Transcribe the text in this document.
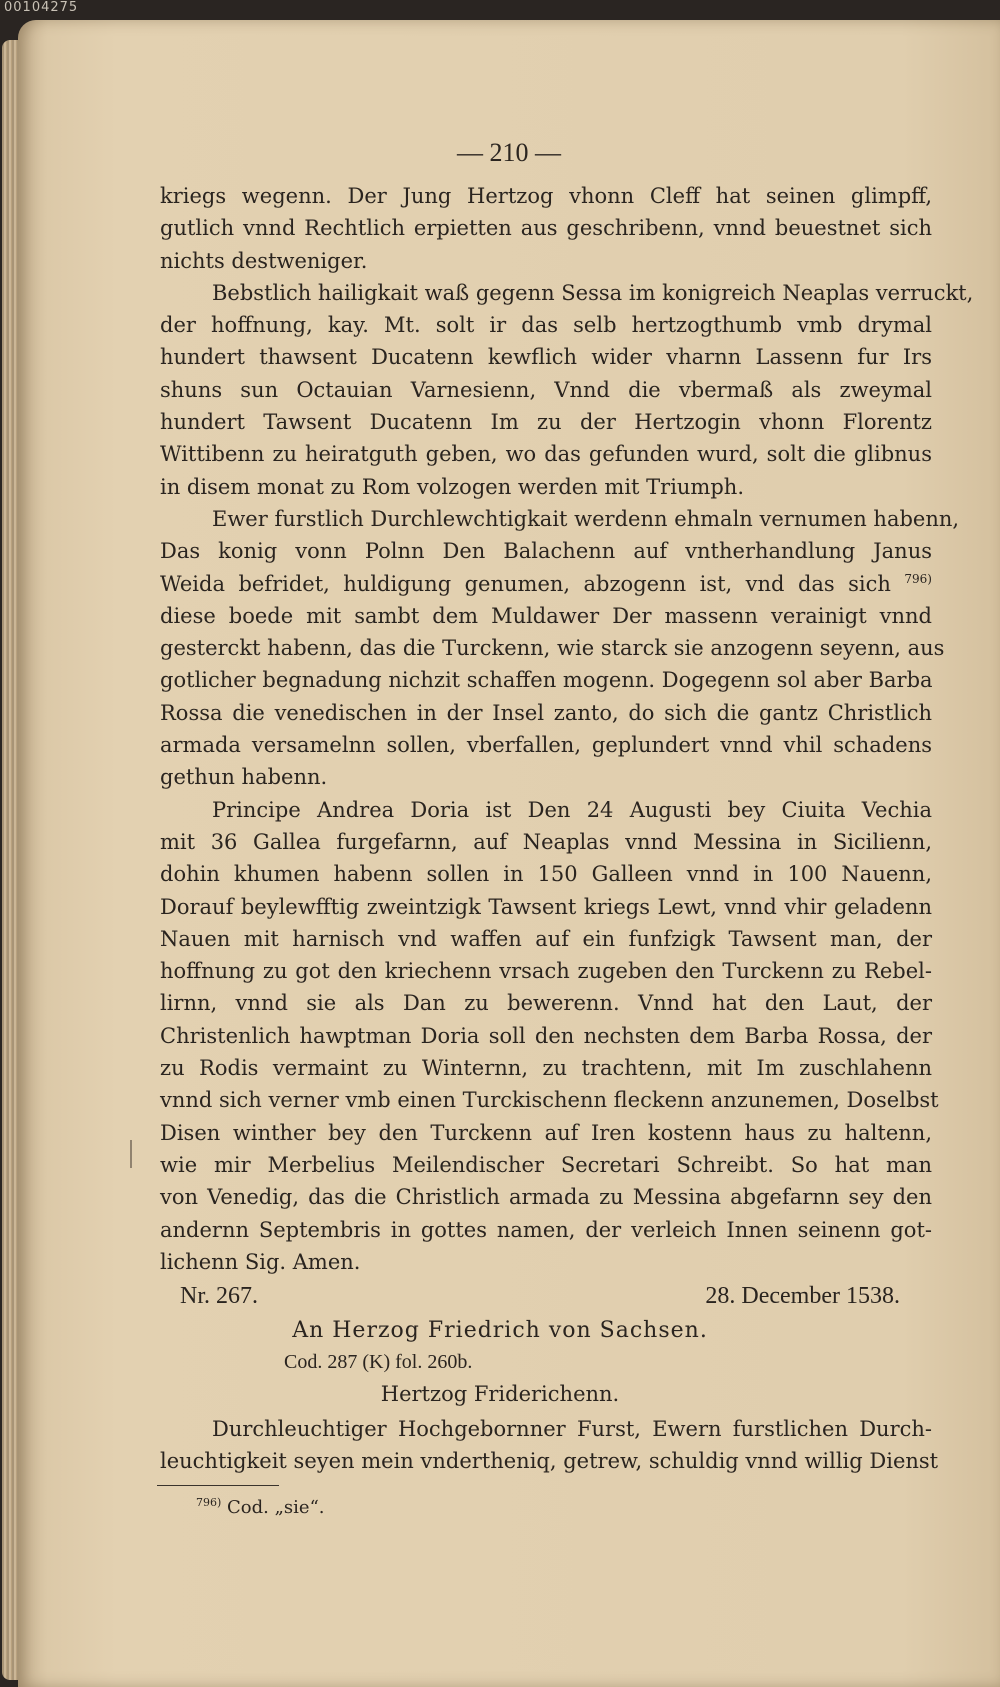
00104275
— 210 —
kriegs wegenn. Der Jung Hertzog vhonn Cleff hat seinen glimpff,
gutlich vnnd Rechtlich erpietten aus geschribenn, vnnd beuestnet sich
nichts destweniger.
Bebstlich hailigkait waß gegenn Sessa im konigreich Neaplas verruckt,
der hoffnung, kay. Mt. solt ir das selb hertzogthumb vmb drymal
hundert thawsent Ducatenn kewflich wider vharnn Lassenn fur Irs
shuns sun Octauian Varnesienn, Vnnd die vbermaß als zweymal
hundert Tawsent Ducatenn Im zu der Hertzogin vhonn Florentz
Wittibenn zu heiratguth geben, wo das gefunden wurd, solt die glibnus
in disem monat zu Rom volzogen werden mit Triumph.
Ewer furstlich Durchlewchtigkait werdenn ehmaln vernumen habenn,
Das konig vonn Polnn Den Balachenn auf vntherhandlung Janus
Weida befridet, huldigung genumen, abzogenn ist, vnd das sich $^{796)}$
diese boede mit sambt dem Muldawer Der massenn verainigt vnnd
gesterckt habenn, das die Turckenn, wie starck sie anzogenn seyenn, aus
gotlicher begnadung nichzit schaffen mogenn. Dogegenn sol aber Barba
Rossa die venedischen in der Insel zanto, do sich die gantz Christlich
armada versamelnn sollen, vberfallen, geplundert vnnd vhil schadens
gethun habenn.
Principe Andrea Doria ist Den 24 Augusti bey Ciuita Vechia
mit 36 Gallea furgefarnn, auf Neaplas vnnd Messina in Sicilienn,
dohin khumen habenn sollen in 150 Galleen vnnd in 100 Nauenn,
Dorauf beylewfftig zweintzigk Tawsent kriegs Lewt, vnnd vhir geladenn
Nauen mit harnisch vnd waffen auf ein funfzigk Tawsent man, der
hoffnung zu got den kriechenn vrsach zugeben den Turckenn zu Rebel-
lirnn, vnnd sie als Dan zu bewerenn. Vnnd hat den Laut, der
Christenlich hawptman Doria soll den nechsten dem Barba Rossa, der
zu Rodis vermaint zu Winternn, zu trachtenn, mit Im zuschlahenn
vnnd sich verner vmb einen Turckischenn fleckenn anzunemen, Doselbst
Disen winther bey den Turckenn auf Iren kostenn haus zu haltenn,
wie mir Merbelius Meilendischer Secretari Schreibt. So hat man
von Venedig, das die Christlich armada zu Messina abgefarnn sey den
andernn Septembris in gottes namen, der verleich Innen seinenn got-
lichenn Sig. Amen.
Nr. 267.	28. December 1538.
An Herzog Friedrich von Sachsen.
Cod. 287 (K) fol. 260b.
Hertzog Friderichenn.
Durchleuchtiger Hochgebornner Furst, Ewern furstlichen Durch-
leuchtigkeit seyen mein vndertheniq, getrew, schuldig vnnd willig Dienst
$^{796)}$ Cod. „sie“.
